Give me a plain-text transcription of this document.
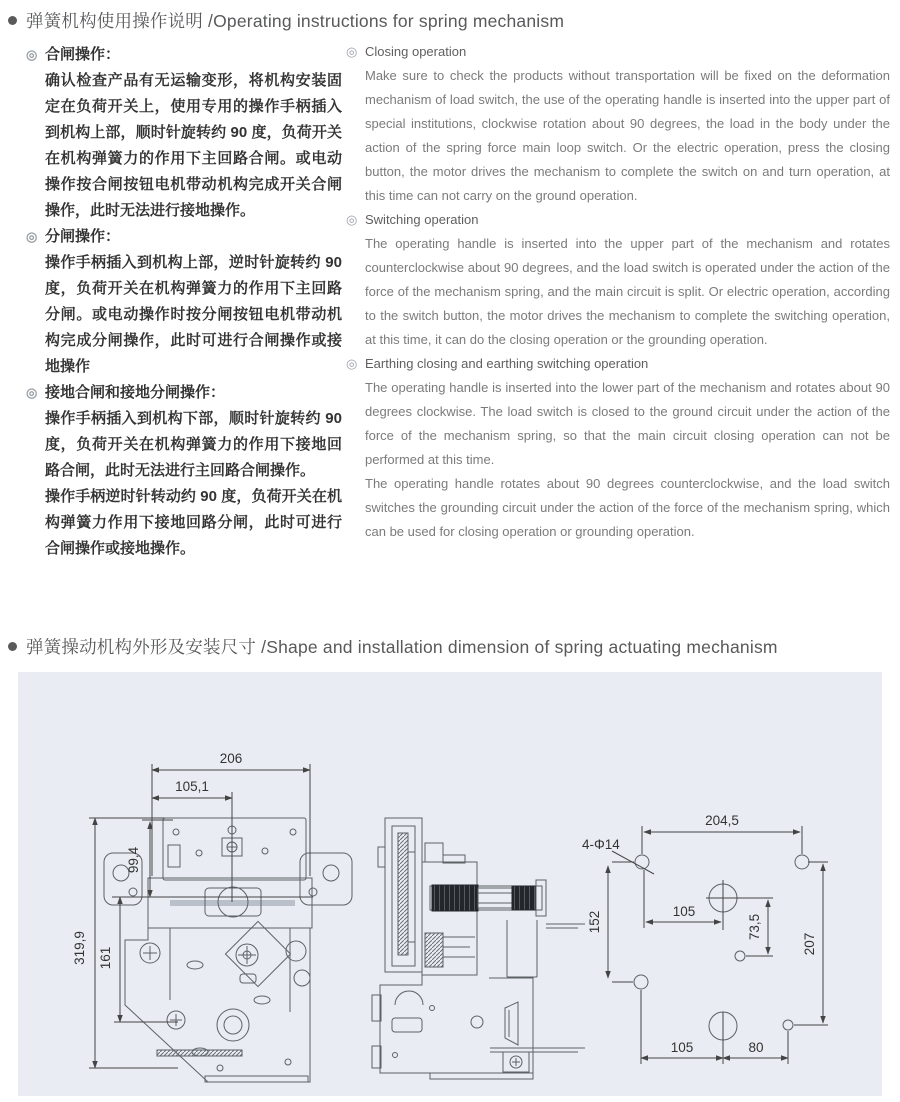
弹簧机构使用操作说明 /Operating instructions for spring mechanism
◎ 合闸操作：

确认检查产品有无运输变形，将机构安装固定在负荷开关上，使用专用的操作手柄插入到机构上部，顺时针旋转约 90 度，负荷开关在机构弹簧力的作用下主回路合闸。或电动操作按合闸按钮电机带动机构完成开关合闸操作，此时无法进行接地操作。

◎ 分闸操作：

操作手柄插入到机构上部，逆时针旋转约 90 度，负荷开关在机构弹簧力的作用下主回路分闸。或电动操作时按分闸按钮电机带动机构完成分闸操作，此时可进行合闸操作或接地操作

◎ 接地合闸和接地分闸操作：

操作手柄插入到机构下部，顺时针旋转约 90 度，负荷开关在机构弹簧力的作用下接地回路合闸，此时无法进行主回路合闸操作。

操作手柄逆时针转动约 90 度，负荷开关在机构弹簧力作用下接地回路分闸，此时可进行合闸操作或接地操作。

◎ Closing operation

Make sure to check the products without transportation will be fixed on the deformation mechanism of load switch, the use of the operating handle is inserted into the upper part of special institutions, clockwise rotation about 90 degrees, the load in the body under the action of the spring force main loop switch. Or the electric operation, press the closing button, the motor drives the mechanism to complete the switch on and turn operation, at this time can not carry on the ground operation.

◎ Switching operation

The operating handle is inserted into the upper part of the mechanism and rotates counterclockwise about 90 degrees, and the load switch is operated under the action of the force of the mechanism spring, and the main circuit is split. Or electric operation, according to the switch button, the motor drives the mechanism to complete the switching operation, at this time, it can do the closing operation or the grounding operation.

◎ Earthing closing and earthing switching operation

The operating handle is inserted into the lower part of the mechanism and rotates about 90 degrees clockwise. The load switch is closed to the ground circuit under the action of the force of the mechanism spring, so that the main circuit closing operation can not be performed at this time.

The operating handle rotates about 90 degrees counterclockwise, and the load switch switches the grounding circuit under the action of the force of the mechanism spring, which can be used for closing operation or grounding operation.

弹簧操动机构外形及安装尺寸 /Shape and installation dimension of spring actuating mechanism
206
105,1
99,4
319,9 161
204,5
4-Φ14
152	105
73,5
207
105	80
